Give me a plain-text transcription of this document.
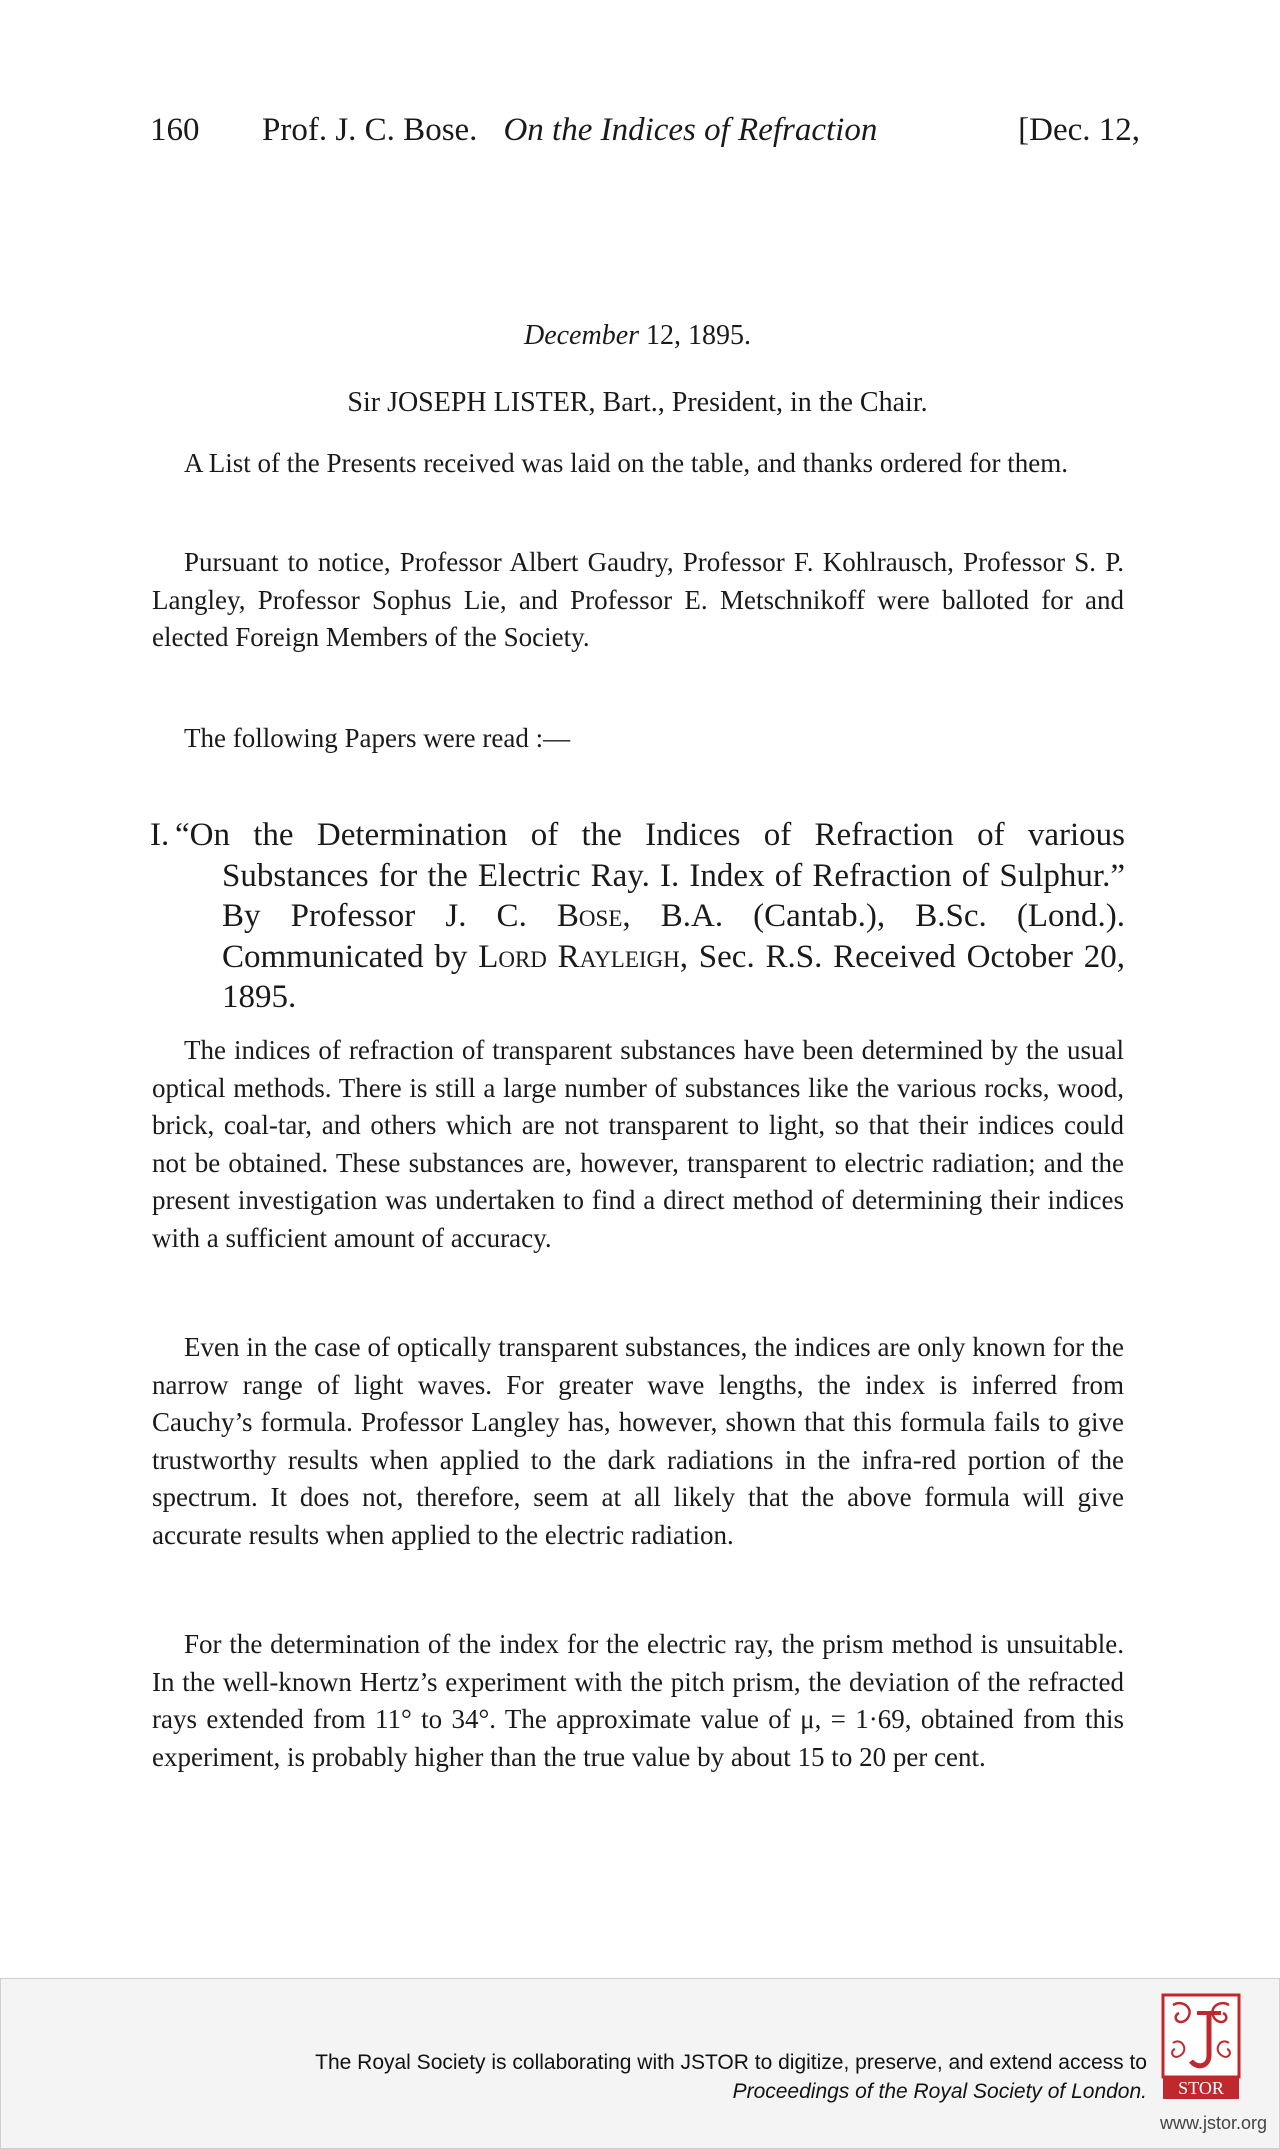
160	Prof. J. C. Bose. On the Indices of Refraction	[Dec. 12,
December 12, 1895.
Sir JOSEPH LISTER, Bart., President, in the Chair.

A List of the Presents received was laid on the table, and thanks ordered for them.

Pursuant to notice, Professor Albert Gaudry, Professor F. Kohlrausch, Professor S. P. Langley, Professor Sophus Lie, and Professor E. Metschnikoff were balloted for and elected Foreign Members of the Society.

The following Papers were read :—

I. “On the Determination of the Indices of Refraction of various Substances for the Electric Ray. I. Index of Refraction of Sulphur.” By Professor J. C. Bose, B.A. (Cantab.), B.Sc. (Lond.). Communicated by Lord Rayleigh, Sec. R.S. Received October 20, 1895.

The indices of refraction of transparent substances have been determined by the usual optical methods. There is still a large number of substances like the various rocks, wood, brick, coal-tar, and others which are not transparent to light, so that their indices could not be obtained. These substances are, however, transparent to electric radiation; and the present investigation was undertaken to find a direct method of determining their indices with a sufficient amount of accuracy.

Even in the case of optically transparent substances, the indices are only known for the narrow range of light waves. For greater wave lengths, the index is inferred from Cauchy’s formula. Professor Langley has, however, shown that this formula fails to give trustworthy results when applied to the dark radiations in the infra-red portion of the spectrum. It does not, therefore, seem at all likely that the above formula will give accurate results when applied to the electric radiation.

For the determination of the index for the electric ray, the prism method is unsuitable. In the well-known Hertz’s experiment with the pitch prism, the deviation of the refracted rays extended from 11° to 34°. The approximate value of μ, = 1·69, obtained from this experiment, is probably higher than the true value by about 15 to 20 per cent.

The Royal Society is collaborating with JSTOR to digitize, preserve, and extend access to
Proceedings of the Royal Society of London.
www.jstor.org
STOR
